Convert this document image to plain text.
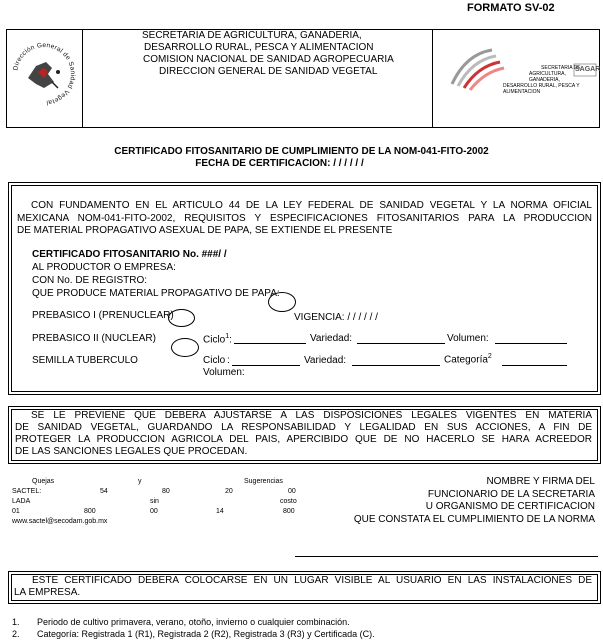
FORMATO SV-02
Dirección General de Sanidad Vegetal
SECRETARIA DE AGRICULTURA, GANADERIA,
DESARROLLO RURAL, PESCA Y ALIMENTACION
COMISION NACIONAL DE SANIDAD AGROPECUARIA
DIRECCION GENERAL DE SANIDAD VEGETAL	SECRETARIA DE
AGRICULTURA, GANADERIA,
DESARROLLO RURAL, PESCA Y ALIMENTACION
SAGAR
CERTIFICADO FITOSANITARIO DE CUMPLIMIENTO DE LA NOM-041-FITO-2002
FECHA DE CERTIFICACION: / / / / / /
CON FUNDAMENTO EN EL ARTICULO 44 DE LA LEY FEDERAL DE SANIDAD VEGETAL Y LA NORMA OFICIAL
MEXICANA NOM-041-FITO-2002, REQUISITOS Y ESPECIFICACIONES FITOSANITARIOS PARA LA PRODUCCION
DE MATERIAL PROPAGATIVO ASEXUAL DE PAPA, SE EXTIENDE EL PRESENTE
CERTIFICADO FITOSANITARIO No. ###/ /
AL PRODUCTOR O EMPRESA:
CON No. DE REGISTRO:
QUE PRODUCE MATERIAL PROPAGATIVO DE PAPA:
PREBASICO I (PRENUCLEAR)	VIGENCIA: / / / / / /
PREBASICO II (NUCLEAR)	Ciclo$^1$:	Variedad:	Volumen:
SEMILLA TUBERCULO	Ciclo :	Variedad:	Categoría$^2$
Volumen:
SE LE PREVIENE QUE DEBERA AJUSTARSE A LAS DISPOSICIONES LEGALES VIGENTES EN MATERIA
DE SANIDAD VEGETAL, GUARDANDO LA RESPONSABILIDAD Y LEGALIDAD EN SUS ACCIONES, A FIN DE
PROTEGER LA PRODUCCION AGRICOLA DEL PAIS, APERCIBIDO QUE DE NO HACERLO SE HARA ACREEDOR
DE LAS SANCIONES LEGALES QUE PROCEDAN.
Quejas	y	Sugerencias
SACTEL:	54	80	20	00
LADA	sin	costo
01	800	00	14	800
www.sactel@secodam.gob.mx
NOMBRE Y FIRMA DEL
FUNCIONARIO DE LA SECRETARIA
U ORGANISMO DE CERTIFICACION
QUE CONSTATA EL CUMPLIMIENTO DE LA NORMA
ESTE CERTIFICADO DEBERA COLOCARSE EN UN LUGAR VISIBLE AL USUARIO EN LAS INSTALACIONES DE
LA EMPRESA.
1. Periodo de cultivo primavera, verano, otoño, invierno o cualquier combinación.
2. Categoría: Registrada 1 (R1), Registrada 2 (R2), Registrada 3 (R3) y Certificada (C).
